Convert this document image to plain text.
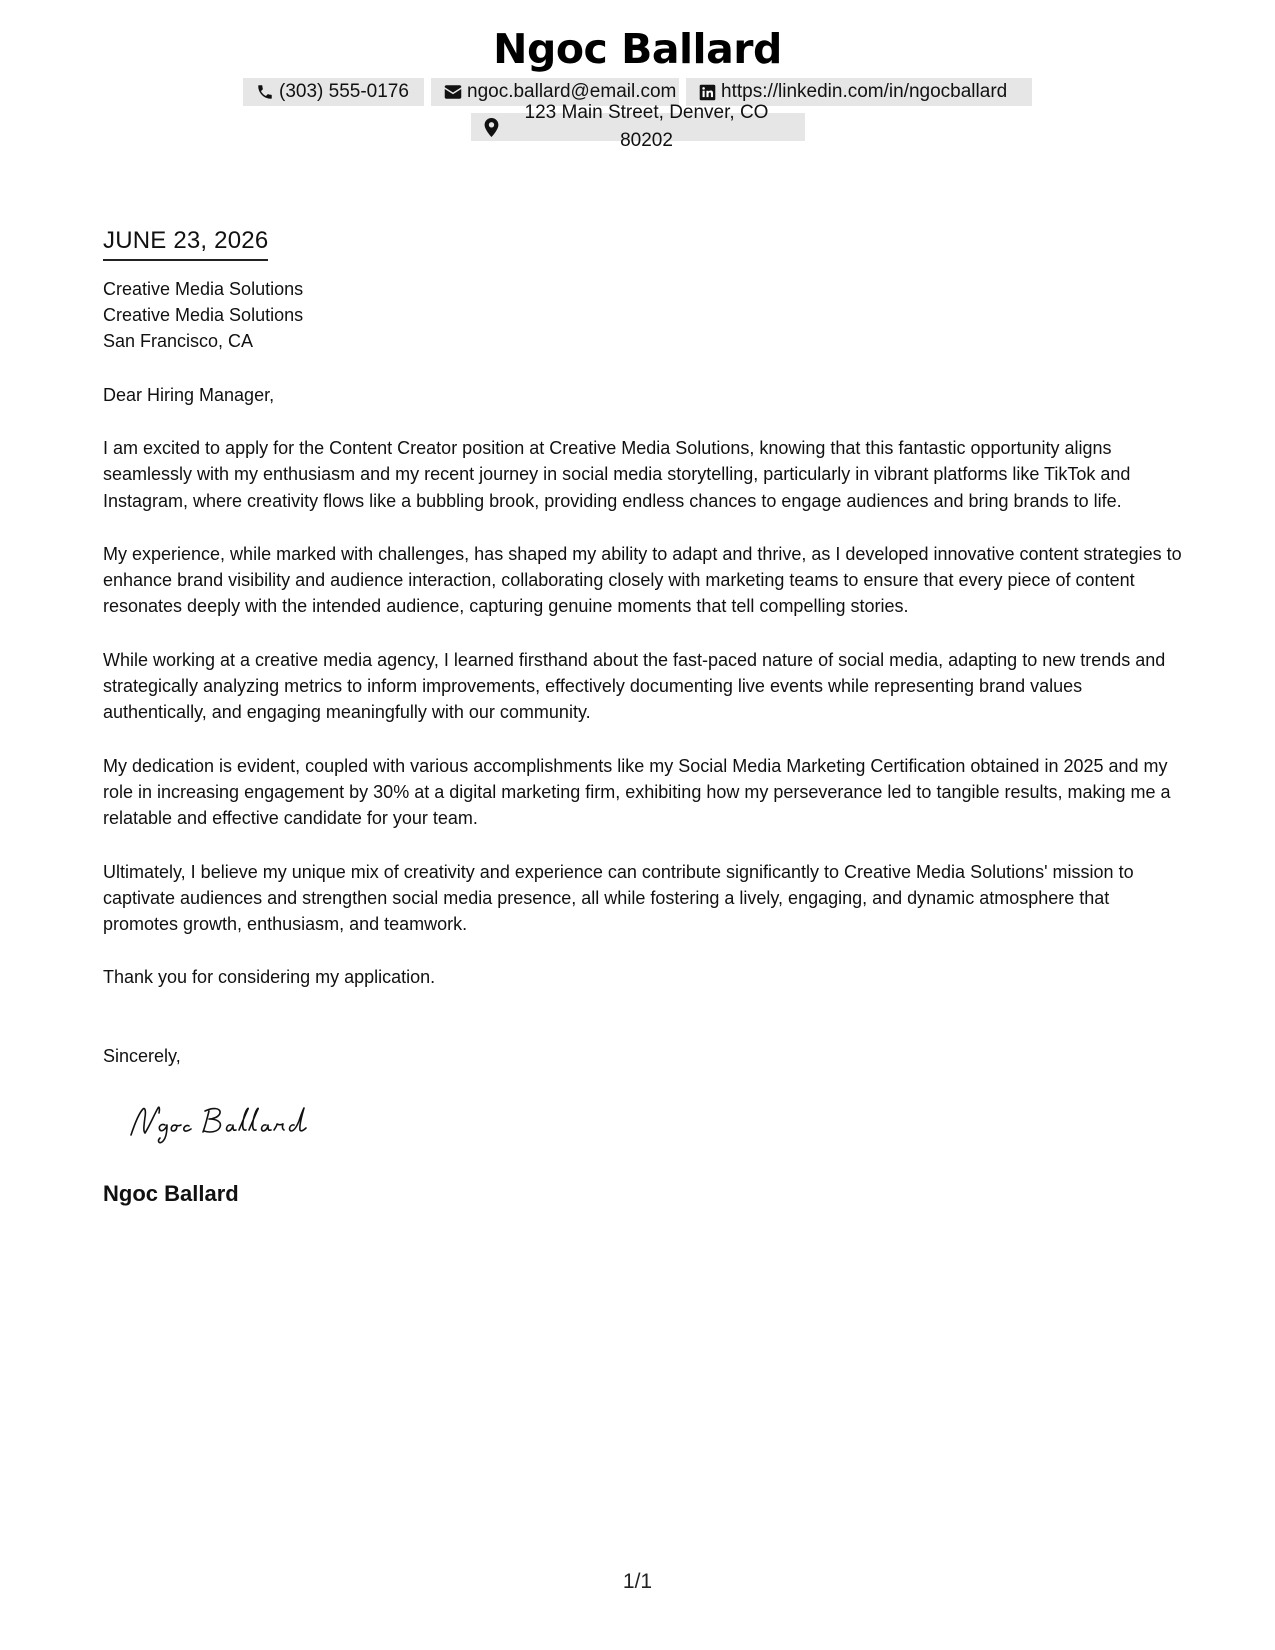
Ngoc Ballard
(303) 555-0176	ngoc.ballard@email.com https://linkedin.com/in/ngocballard
123 Main Street, Denver, CO 80202
JUNE 23, 2026
Creative Media Solutions
Creative Media Solutions
San Francisco, CA
Dear Hiring Manager,

I am excited to apply for the Content Creator position at Creative Media Solutions, knowing that this fantastic opportunity aligns seamlessly with my enthusiasm and my recent journey in social media storytelling, particularly in vibrant platforms like TikTok and Instagram, where creativity flows like a bubbling brook, providing endless chances to engage audiences and bring brands to life.

My experience, while marked with challenges, has shaped my ability to adapt and thrive, as I developed innovative content strategies to enhance brand visibility and audience interaction, collaborating closely with marketing teams to ensure that every piece of content resonates deeply with the intended audience, capturing genuine moments that tell compelling stories.

While working at a creative media agency, I learned firsthand about the fast-paced nature of social media, adapting to new trends and strategically analyzing metrics to inform improvements, effectively documenting live events while representing brand values authentically, and engaging meaningfully with our community.

My dedication is evident, coupled with various accomplishments like my Social Media Marketing Certification obtained in 2025 and my role in increasing engagement by 30% at a digital marketing firm, exhibiting how my perseverance led to tangible results, making me a relatable and effective candidate for your team.

Ultimately, I believe my unique mix of creativity and experience can contribute significantly to Creative Media Solutions' mission to captivate audiences and strengthen social media presence, all while fostering a lively, engaging, and dynamic atmosphere that promotes growth, enthusiasm, and teamwork.

Thank you for considering my application.
Sincerely,
Ngoc Ballard
1/1
